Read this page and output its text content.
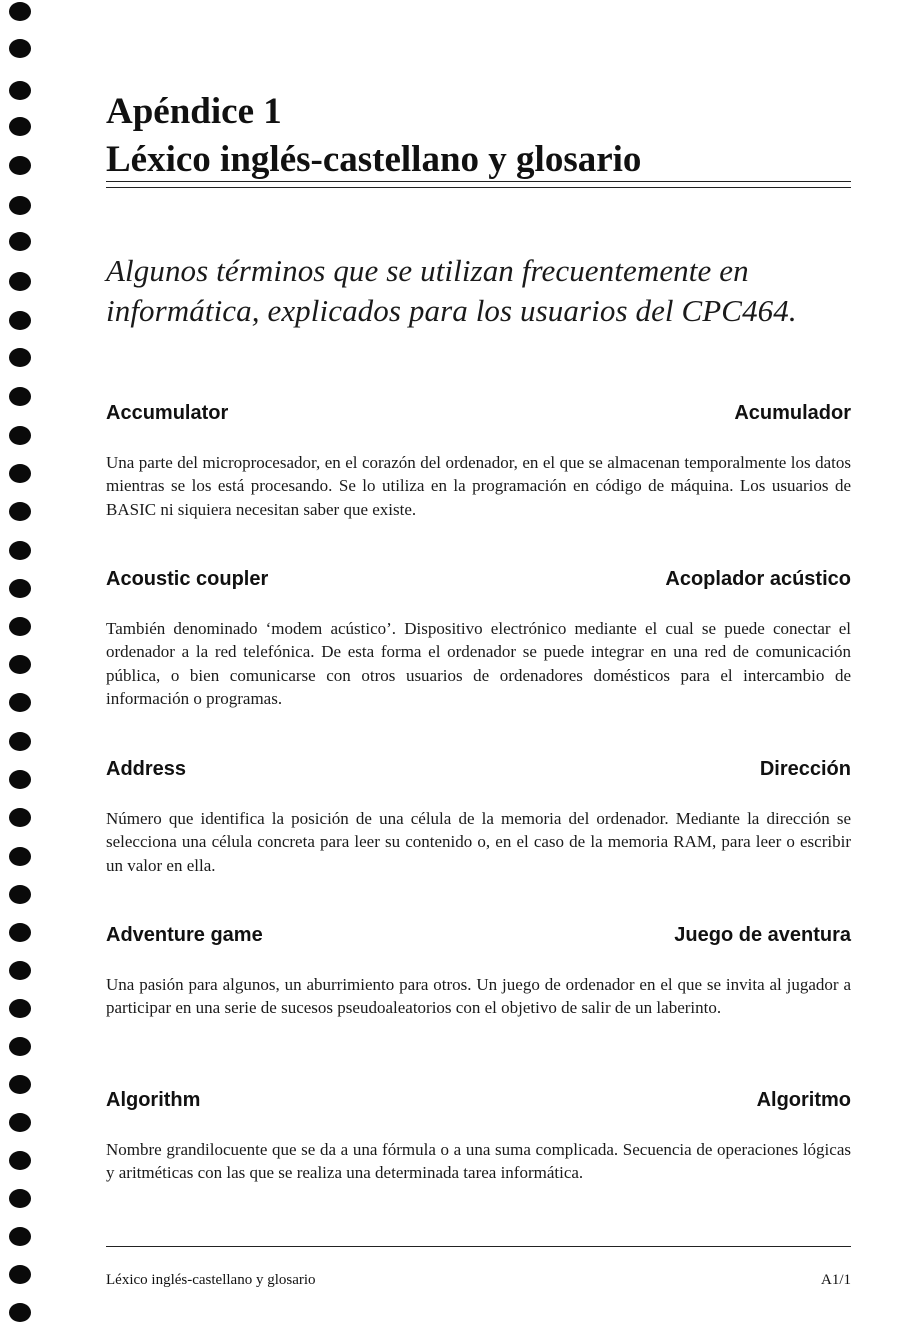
Apéndice 1
Léxico inglés-castellano y glosario
Algunos términos que se utilizan frecuentemente en informática, explicados para los usuarios del CPC464.
Accumulator	Acumulador
Una parte del microprocesador, en el corazón del ordenador, en el que se almacenan temporalmente los datos mientras se los está procesando. Se lo utiliza en la programación en código de máquina. Los usuarios de BASIC ni siquiera necesitan saber que existe.
Acoustic coupler	Acoplador acústico
También denominado ‘modem acústico’. Dispositivo electrónico mediante el cual se puede conectar el ordenador a la red telefónica. De esta forma el ordenador se puede integrar en una red de comunicación pública, o bien comunicarse con otros usuarios de ordenadores domésticos para el intercambio de información o programas.
Address	Dirección
Número que identifica la posición de una célula de la memoria del ordenador. Mediante la dirección se selecciona una célula concreta para leer su contenido o, en el caso de la memoria RAM, para leer o escribir un valor en ella.
Adventure game	Juego de aventura
Una pasión para algunos, un aburrimiento para otros. Un juego de ordenador en el que se invita al jugador a participar en una serie de sucesos pseudoaleatorios con el objetivo de salir de un laberinto.
Algorithm	Algoritmo
Nombre grandilocuente que se da a una fórmula o a una suma complicada. Secuencia de operaciones lógicas y aritméticas con las que se realiza una determinada tarea informática.
Léxico inglés-castellano y glosario	A1/1
